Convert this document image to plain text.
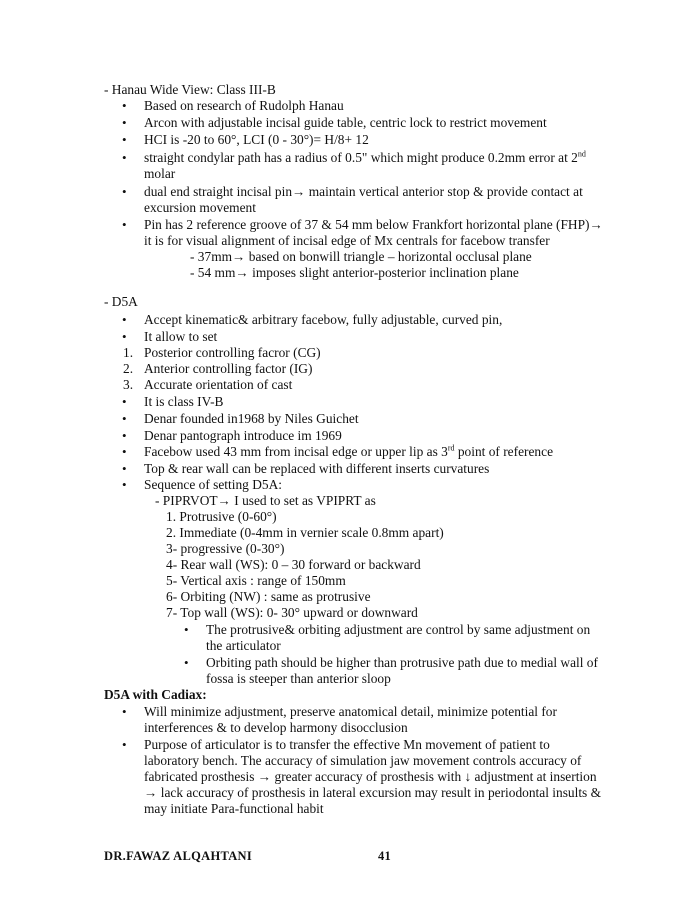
- Hanau Wide View: Class III-B
• Based on research of Rudolph Hanau
• Arcon with adjustable incisal guide table, centric lock to restrict movement
• HCI is -20 to 60°, LCI (0 - 30°)= H/8+ 12
• straight condylar path has a radius of 0.5" which might produce 0.2mm error at 2nd
molar
• dual end straight incisal pin→ maintain vertical anterior stop & provide contact at
excursion movement
• Pin has 2 reference groove of 37 & 54 mm below Frankfort horizontal plane (FHP)→
it is for visual alignment of incisal edge of Mx centrals for facebow transfer
- 37mm→ based on bonwill triangle – horizontal occlusal plane
- 54 mm→ imposes slight anterior-posterior inclination plane
- D5A
• Accept kinematic& arbitrary facebow, fully adjustable, curved pin,
• It allow to set
1. Posterior controlling facror (CG)
2. Anterior controlling factor (IG)
3. Accurate orientation of cast
• It is class IV-B
• Denar founded in1968 by Niles Guichet
• Denar pantograph introduce im 1969
• Facebow used 43 mm from incisal edge or upper lip as 3rd point of reference
• Top & rear wall can be replaced with different inserts curvatures
• Sequence of setting D5A:
- PIPRVOT→ I used to set as VPIPRT as
1. Protrusive (0-60°)
2. Immediate (0-4mm in vernier scale 0.8mm apart)
3- progressive (0-30°)
4- Rear wall (WS): 0 – 30 forward or backward
5- Vertical axis : range of 150mm
6- Orbiting (NW) : same as protrusive
7- Top wall (WS): 0- 30° upward or downward
• The protrusive& orbiting adjustment are control by same adjustment on
the articulator
• Orbiting path should be higher than protrusive path due to medial wall of
fossa is steeper than anterior sloop
D5A with Cadiax:
• Will minimize adjustment, preserve anatomical detail, minimize potential for
interferences & to develop harmony disocclusion
• Purpose of articulator is to transfer the effective Mn movement of patient to
laboratory bench. The accuracy of simulation jaw movement controls accuracy of
fabricated prosthesis → greater accuracy of prosthesis with ↓ adjustment at insertion
→ lack accuracy of prosthesis in lateral excursion may result in periodontal insults &
may initiate Para-functional habit
DR.FAWAZ ALQAHTANI	41
